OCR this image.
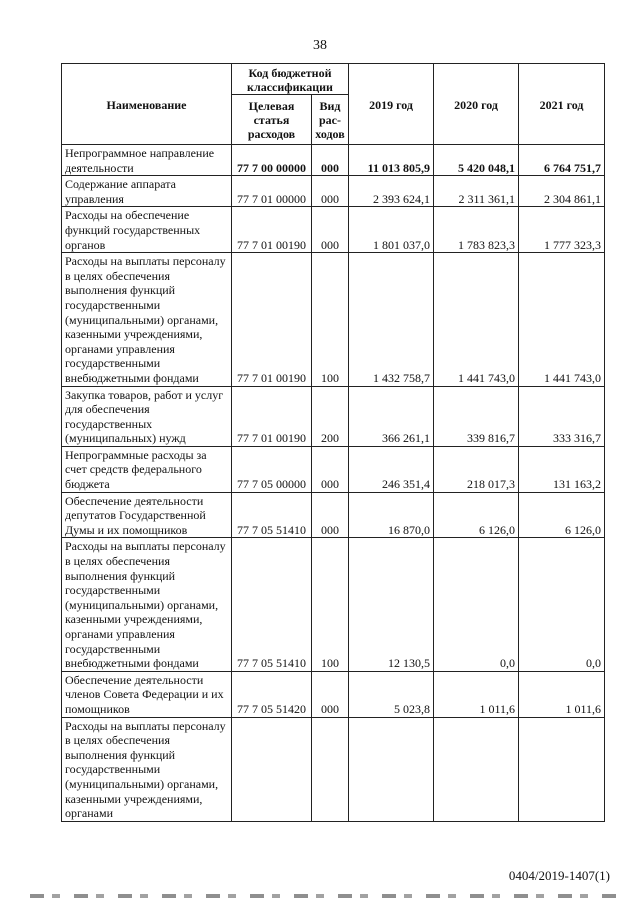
38
Наименование	Код бюджетной классификации		2019 год	2020 год	2021 год
	Целевая статья расходов	Вид рас- ходов			
Непрограммное направление деятельности	77 7 00 00000	000	11 013 805,9	5 420 048,1	6 764 751,7
Содержание аппарата управления	77 7 01 00000	000	2 393 624,1	2 311 361,1	2 304 861,1
Расходы на обеспечение функций государственных органов	77 7 01 00190	000	1 801 037,0	1 783 823,3	1 777 323,3
Расходы на выплаты персоналу в целях обеспечения выполнения функций государственными (муниципальными) органами, казенными учреждениями, органами управления государственными внебюджетными фондами	77 7 01 00190	100	1 432 758,7	1 441 743,0	1 441 743,0
Закупка товаров, работ и услуг для обеспечения государственных (муниципальных) нужд	77 7 01 00190	200	366 261,1	339 816,7	333 316,7
Непрограммные расходы за счет средств федерального бюджета	77 7 05 00000	000	246 351,4	218 017,3	131 163,2
Обеспечение деятельности депутатов Государственной Думы и их помощников	77 7 05 51410	000	16 870,0	6 126,0	6 126,0
Расходы на выплаты персоналу в целях обеспечения выполнения функций государственными (муниципальными) органами, казенными учреждениями, органами управления государственными внебюджетными фондами	77 7 05 51410	100	12 130,5	0,0	0,0
Обеспечение деятельности членов Совета Федерации и их помощников	77 7 05 51420	000	5 023,8	1 011,6	1 011,6
Расходы на выплаты персоналу в целях обеспечения выполнения функций государственными (муниципальными) органами, казенными учреждениями, органами					
0404/2019-1407(1)
